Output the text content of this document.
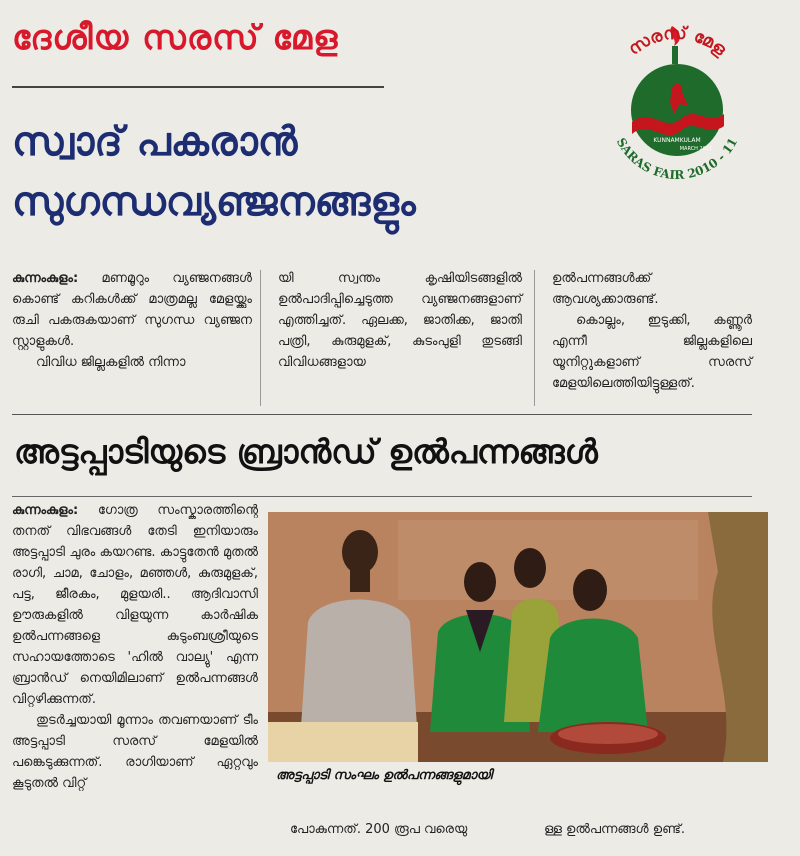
ദേശീയ സരസ് മേള
സ്വാദ് പകരാൻ
സുഗന്ധവ്യഞ്ജനങ്ങളും
സരസ് മേള
SARAS FAIR 2010 - 11
KUNNAMKULAM
MARCH 2011

കുന്നംകുളം: മണമൂറും വ്യഞ്ജനങ്ങൾ കൊണ്ട് കറികൾക്ക് മാത്രമല്ല മേളയ്ക്കും രുചി പകരുകയാണ് സുഗന്ധ വ്യഞ്ജന സ്റ്റാളുകൾ.

വിവിധ ജില്ലകളിൽ നിന്നാ

യി സ്വന്തം കൃഷിയിടങ്ങളിൽ ഉൽപാദിപ്പിച്ചെടുത്ത വ്യഞ്ജനങ്ങളാണ് എത്തിച്ചത്. ഏലക്ക, ജാതിക്ക, ജാതി പത്രി, കുരുമുളക്, കുടംപുളി തുടങ്ങി വിവിധങ്ങളായ

ഉൽപന്നങ്ങൾക്ക് ആവശ്യക്കാരുണ്ട്.

കൊല്ലം, ഇടുക്കി, കണ്ണൂർ എന്നീ ജില്ലകളിലെ യൂനിറ്റുകളാണ് സരസ് മേളയിലെത്തിയിട്ടുള്ളത്.

അട്ടപ്പാടിയുടെ ബ്രാൻഡ് ഉൽപന്നങ്ങൾ

കുന്നംകുളം: ഗോത്ര സംസ്കാരത്തിന്റെ തനത് വിഭവങ്ങൾ തേടി ഇനിയാരും അട്ടപ്പാടി ചുരം കയറണ്ട. കാട്ടുതേൻ മുതൽ രാഗി, ചാമ, ചോളം, മഞ്ഞൾ, കുരുമുളക്, പട്ട, ജീരകം, മുളയരി.. ആദിവാസി ഊരുകളിൽ വിളയുന്ന കാർഷിക ഉൽപന്നങ്ങളെ കുടുംബശ്രീയുടെ സഹായത്തോടെ 'ഹിൽ വാല്യു' എന്ന ബ്രാൻഡ് നെയിമിലാണ് ഉൽപന്നങ്ങൾ വിറ്റഴിക്കുന്നത്.

തുടർച്ചയായി മൂന്നാം തവണയാണ് ടീം അട്ടപ്പാടി സരസ് മേളയിൽ പങ്കെടുക്കുന്നത്. രാഗിയാണ് ഏറ്റവും കൂടുതൽ വിറ്റ്

അട്ടപ്പാടി സംഘം ഉൽപന്നങ്ങളുമായി
പോകുന്നത്. 200 രൂപ വരെയു	ള്ള ഉൽപന്നങ്ങൾ ഉണ്ട്.
